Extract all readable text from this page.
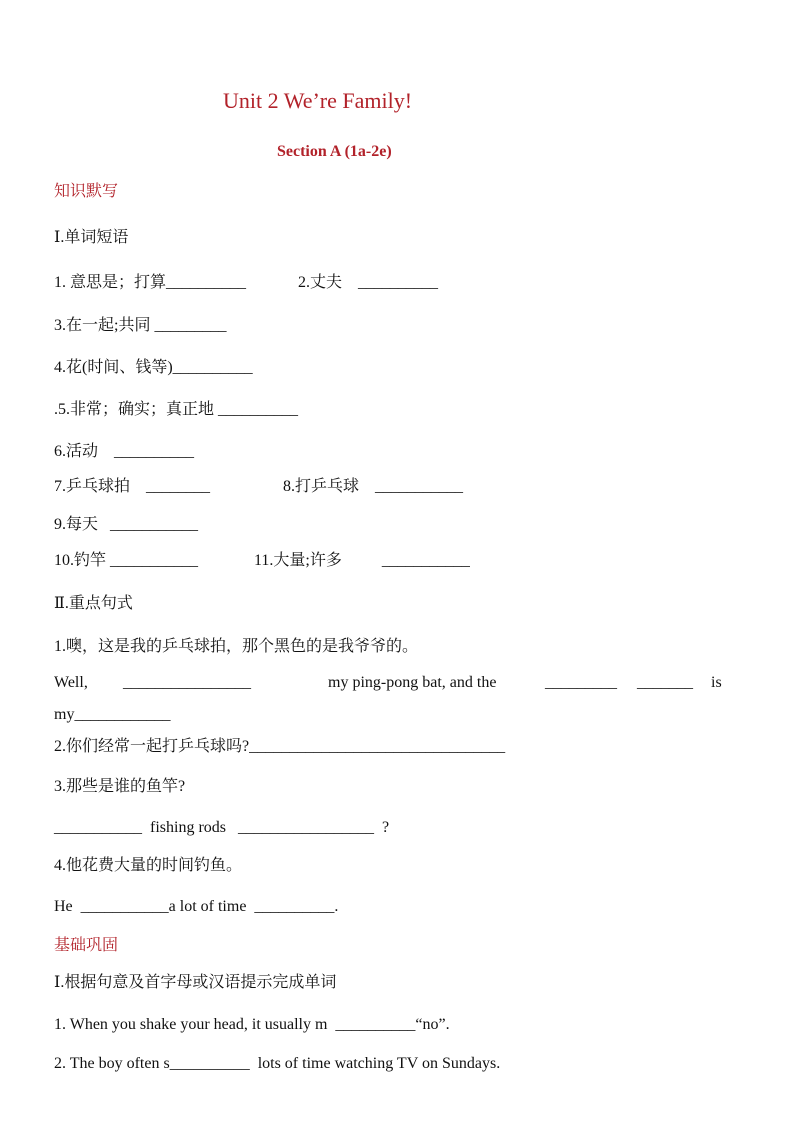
Unit 2 We’re Family!
Section A (1a-2e)
知识默写
Ⅰ.单词短语
1. 意思是；打算__________	2.丈夫    __________
3.在一起;共同 _________
4.花(时间、钱等)__________
.5.非常；确实；真正地 __________
6.活动    __________
7.乒乓球拍    ________	8.打乒乓球    ___________
9.每天   ___________
10.钓竿 ___________	11.大量;许多          ___________
Ⅱ.重点句式
1.噢，这是我的乒乓球拍，那个黑色的是我爷爷的。
Well, ________________	my ping-pong bat, and the	_________ _______ is
my____________
2.你们经常一起打乒乓球吗?________________________________
3.那些是谁的鱼竿?
___________  fishing rods   _________________  ?
4.他花费大量的时间钓鱼。
He  ___________a lot of time  __________.
基础巩固
Ⅰ.根据句意及首字母或汉语提示完成单词
1. When you shake your head, it usually m  __________“no”.
2. The boy often s__________  lots of time watching TV on Sundays.
